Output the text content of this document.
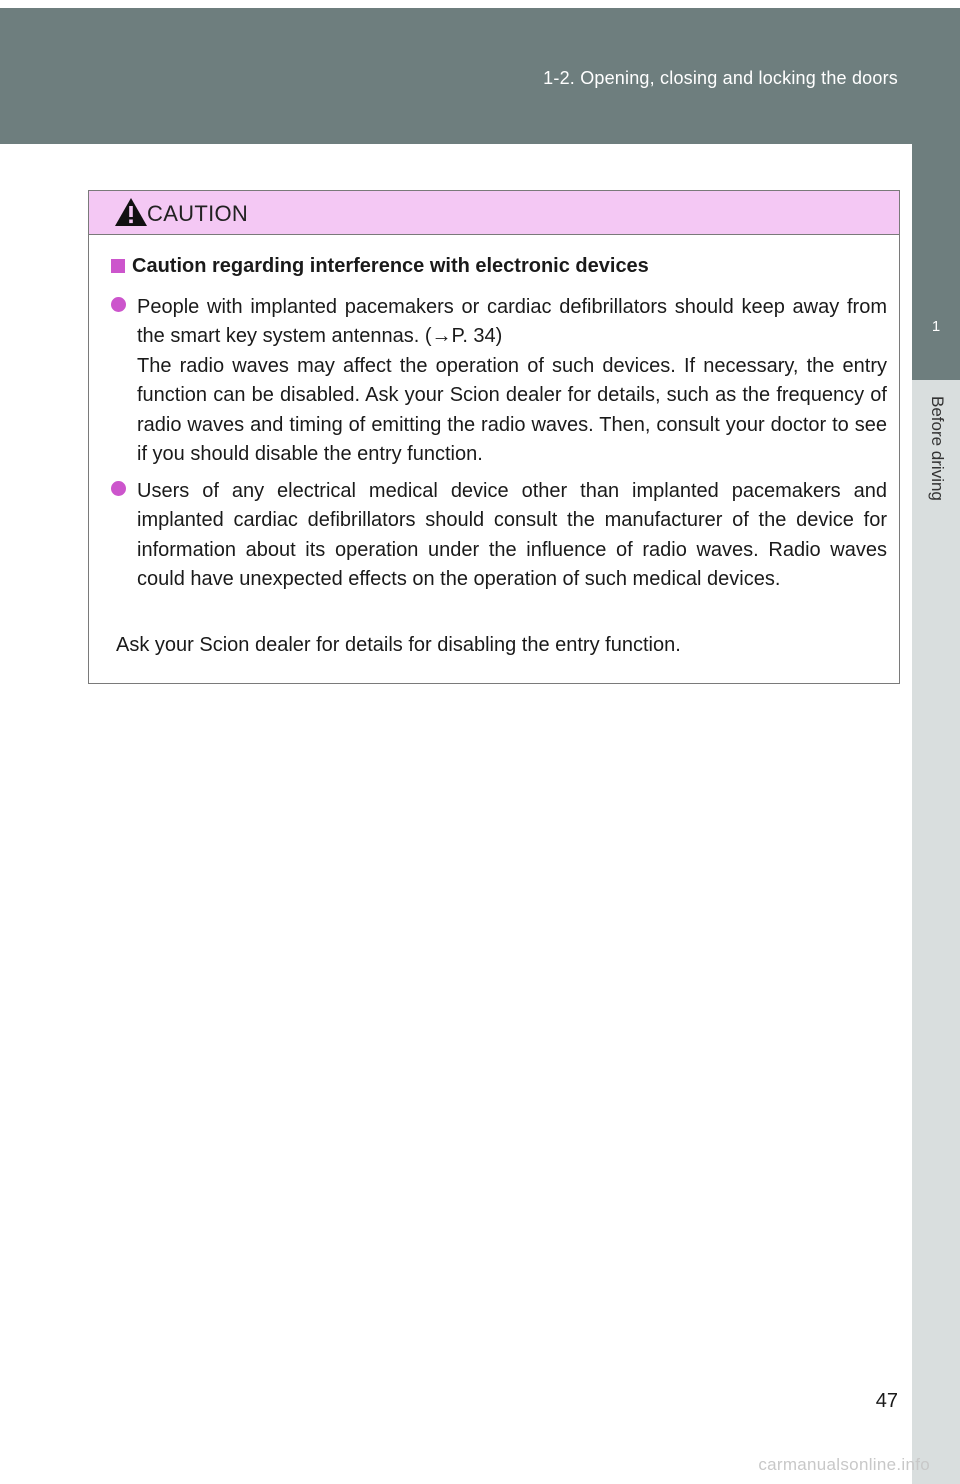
1-2. Opening, closing and locking the doors
1
Before driving
CAUTION
Caution regarding interference with electronic devices

People with implanted pacemakers or cardiac defibrillators should keep away from the smart key system antennas. (→P. 34)

The radio waves may affect the operation of such devices. If necessary, the entry function can be disabled. Ask your Scion dealer for details, such as the frequency of radio waves and timing of emitting the radio waves. Then, consult your doctor to see if you should disable the entry function.

Users of any electrical medical device other than implanted pacemakers and implanted cardiac defibrillators should consult the manufacturer of the device for information about its operation under the influence of radio waves. Radio waves could have unexpected effects on the operation of such medical devices.

Ask your Scion dealer for details for disabling the entry function.
47
carmanualsonline.info
